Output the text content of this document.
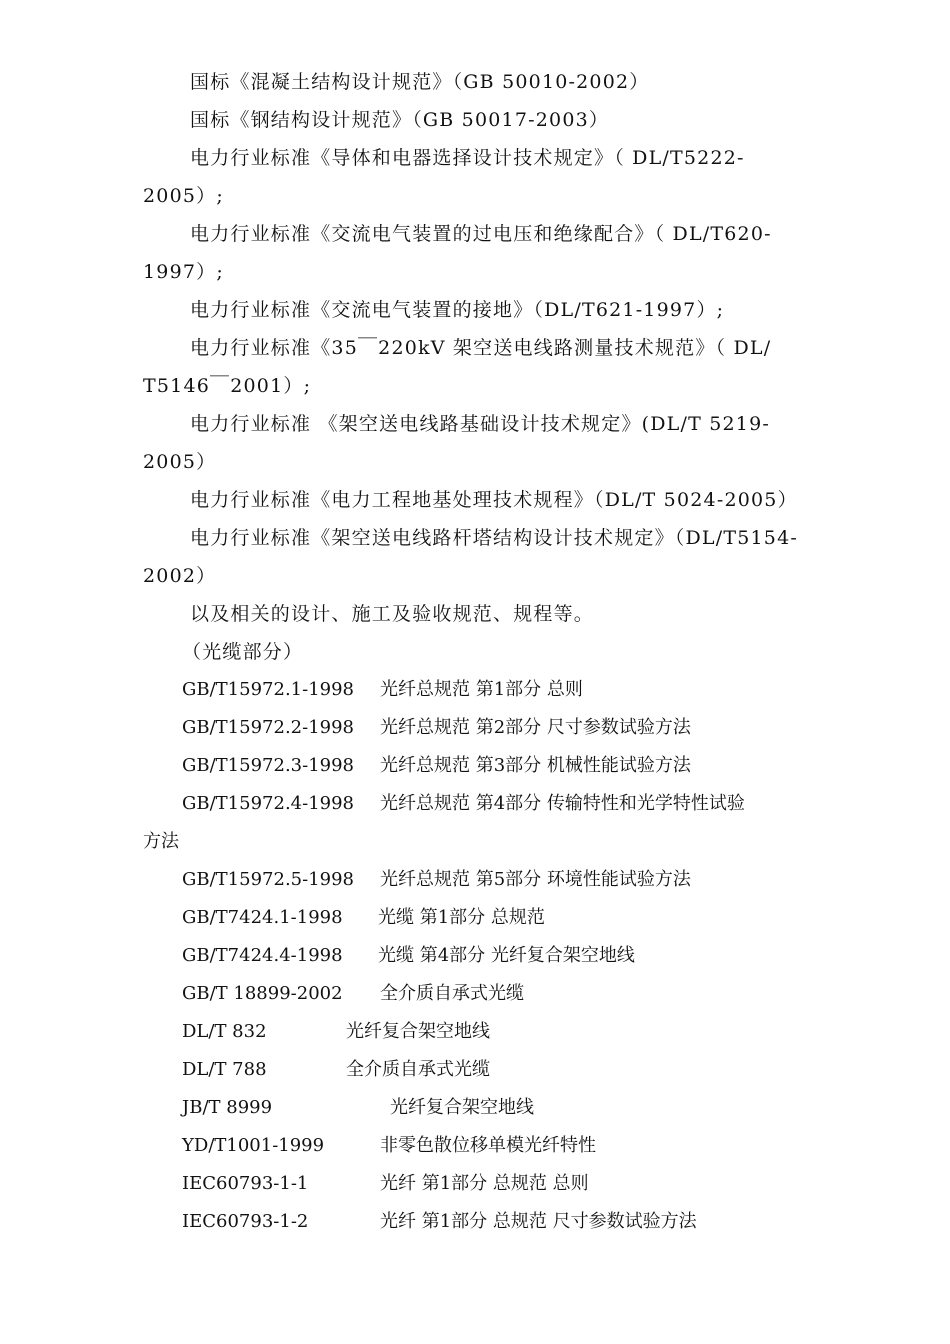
国标《混凝土结构设计规范》（GB 50010-2002）
国标《钢结构设计规范》（GB 50017-2003）
电力行业标准《导体和电器选择设计技术规定》（ DL/T5222-
2005）;
电力行业标准《交流电气装置的过电压和绝缘配合》（ DL/T620-
1997）;
电力行业标准《交流电气装置的接地》（DL/T621-1997）;
电力行业标准《35￣220kV 架空送电线路测量技术规范》（ DL/
T5146￣2001）;
电力行业标准 《架空送电线路基础设计技术规定》(DL/T 5219-
2005）
电力行业标准《电力工程地基处理技术规程》（DL/T 5024-2005）
电力行业标准《架空送电线路杆塔结构设计技术规定》（DL/T5154-
2002）
以及相关的设计、施工及验收规范、规程等。
（光缆部分）
GB/T15972.1-1998 光纤总规范 第1部分 总则
GB/T15972.2-1998 光纤总规范 第2部分 尺寸参数试验方法
GB/T15972.3-1998 光纤总规范 第3部分 机械性能试验方法
GB/T15972.4-1998 光纤总规范 第4部分 传输特性和光学特性试验
方法
GB/T15972.5-1998 光纤总规范 第5部分 环境性能试验方法
GB/T7424.1-1998 光缆 第1部分 总规范
GB/T7424.4-1998 光缆 第4部分 光纤复合架空地线
GB/T 18899-2002 全介质自承式光缆
DL/T 832	光纤复合架空地线
DL/T 788	全介质自承式光缆
JB/T 8999	光纤复合架空地线
YD/T1001-1999	非零色散位移单模光纤特性
IEC60793-1-1	光纤 第1部分 总规范 总则
IEC60793-1-2	光纤 第1部分 总规范 尺寸参数试验方法
